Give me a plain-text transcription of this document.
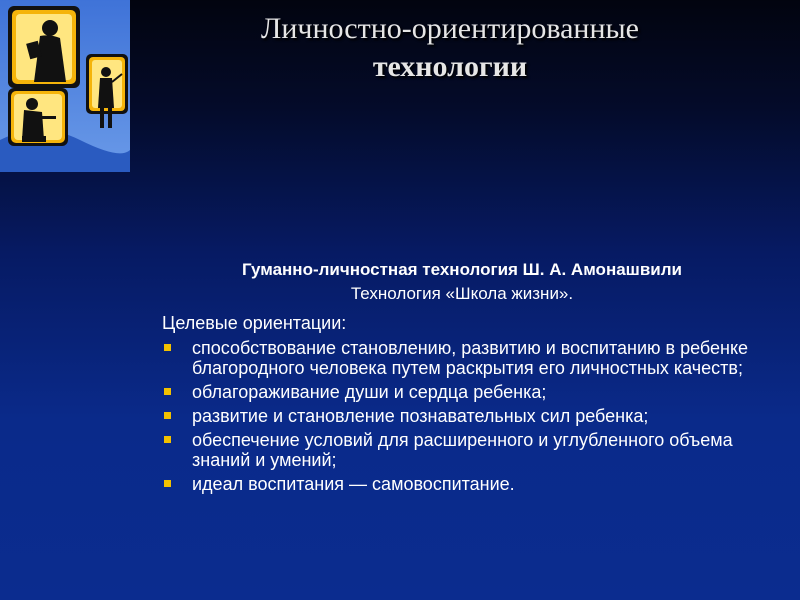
Личностно-ориентированные
технологии
Гуманно-личностная технология Ш. А. Амонашвили
Технология «Школа жизни».
Целевые ориентации:
способствование становлению, развитию и воспитанию в ребенке благородного человека путем раскрытия его личностных качеств;
облагораживание души и сердца ребенка;
развитие и становление познавательных сил ребенка;
обеспечение условий для расширенного и углубленного объема знаний и умений;
идеал воспитания — самовоспитание.
